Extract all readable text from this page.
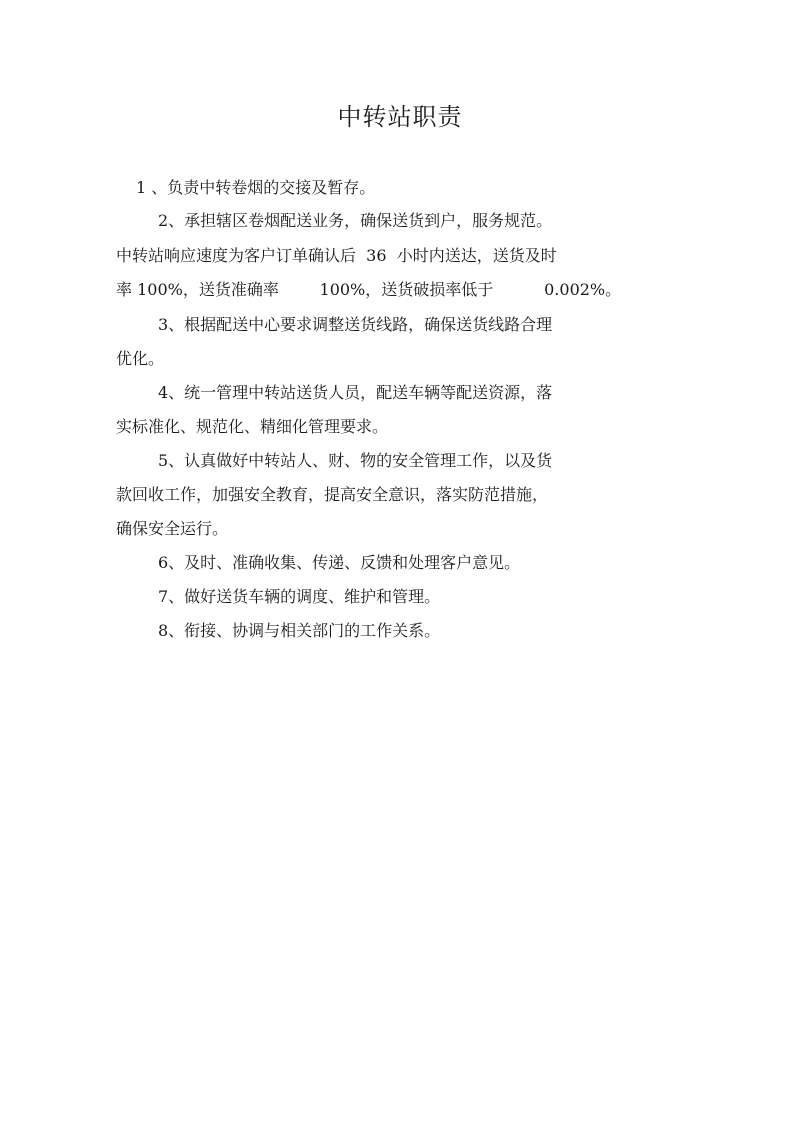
中转站职责

1 、负责中转卷烟的交接及暂存。

2、承担辖区卷烟配送业务，确保送货到户，服务规范。

中转站响应速度为客户订单确认后  36  小时内送达，送货及时

率 100%，送货准确率        100%，送货破损率低于          0.002%。

3、根据配送中心要求调整送货线路，确保送货线路合理

优化。

4、统一管理中转站送货人员，配送车辆等配送资源，落

实标准化、规范化、精细化管理要求。

5、认真做好中转站人、财、物的安全管理工作，以及货

款回收工作，加强安全教育，提高安全意识，落实防范措施，

确保安全运行。

6、及时、准确收集、传递、反馈和处理客户意见。

7、做好送货车辆的调度、维护和管理。

8、衔接、协调与相关部门的工作关系。
